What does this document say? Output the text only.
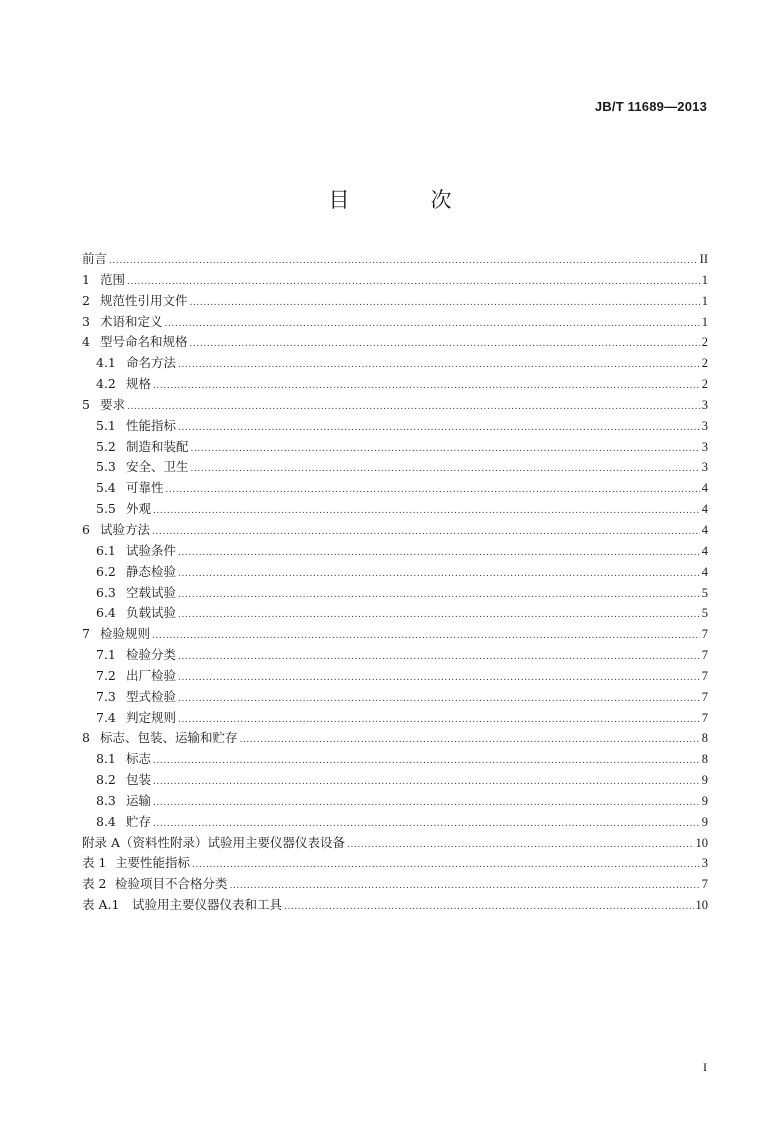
JB/T 11689—2013
目　次
前言 .....	II
1 范围 .....	1
2 规范性引用文件 .....	1
3 术语和定义 .....	1
4 型号命名和规格 .....	2
4.1 命名方法 .....	2
4.2 规格 .....	2
5 要求 .....	3
5.1 性能指标 .....	3
5.2 制造和装配 .....	3
5.3 安全、卫生 .....	3
5.4 可靠性 .....	4
5.5 外观 .....	4
6 试验方法 .....	4
6.1 试验条件 .....	4
6.2 静态检验 .....	4
6.3 空载试验 .....	5
6.4 负载试验 .....	5
7 检验规则 .....	7
7.1 检验分类 .....	7
7.2 出厂检验 .....	7
7.3 型式检验 .....	7
7.4 判定规则 .....	7
8 标志、包装、运输和贮存 .....	8
8.1 标志 .....	8
8.2 包装 .....	9
8.3 运输 .....	9
8.4 贮存 .....	9
附录 A（资料性附录）试验用主要仪器仪表设备 .....	10
表 1 主要性能指标 .....	3
表 2 检验项目不合格分类 .....	7
表 A.1	试验用主要仪器仪表和工具 .....	10
I
